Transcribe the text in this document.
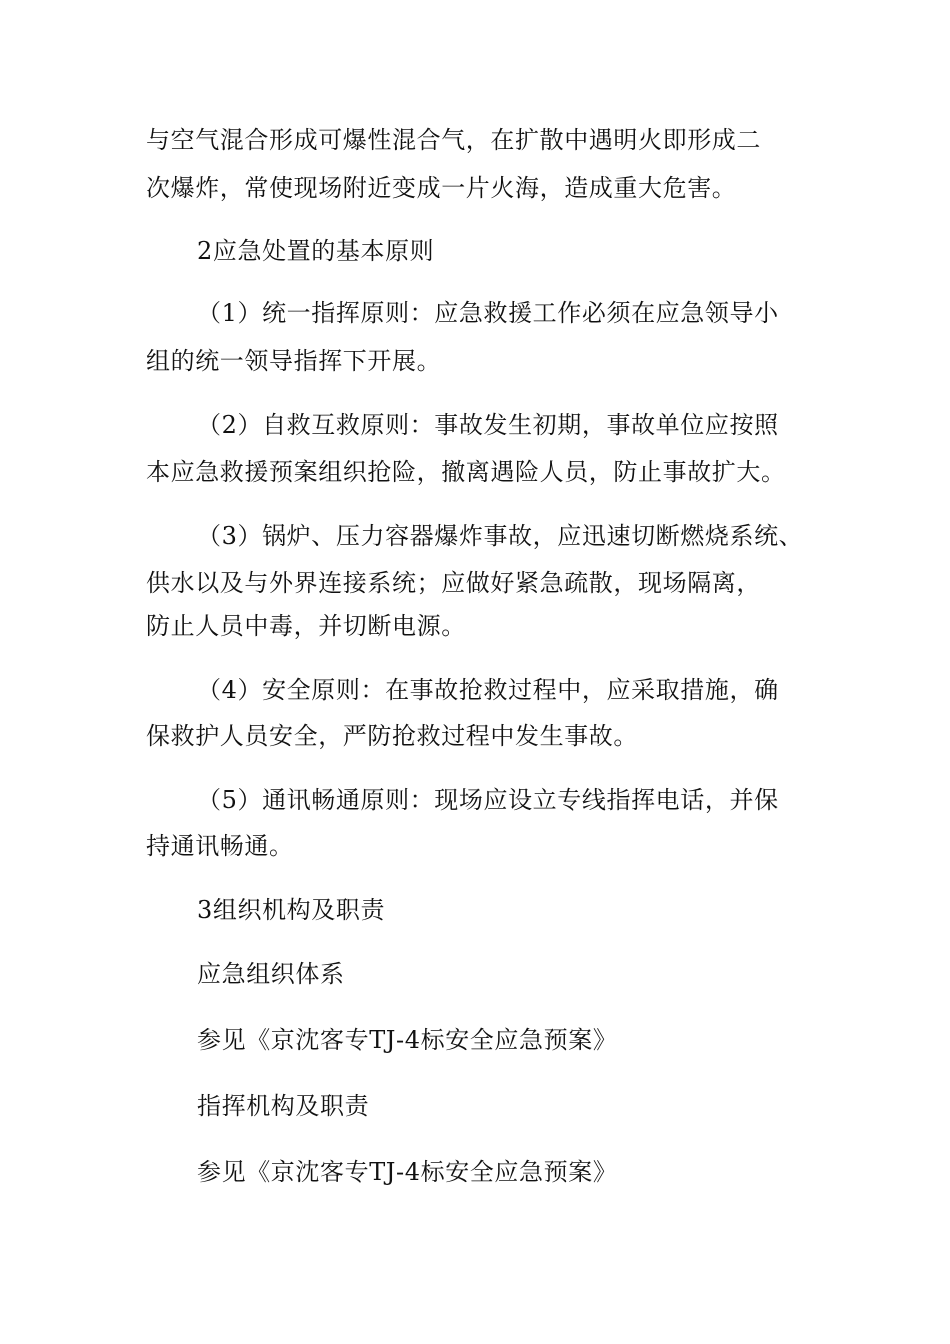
与空气混合形成可爆性混合气，在扩散中遇明火即形成二
次爆炸，常使现场附近变成一片火海，造成重大危害。
2应急处置的基本原则
（1）统一指挥原则：应急救援工作必须在应急领导小
组的统一领导指挥下开展。
（2）自救互救原则：事故发生初期，事故单位应按照
本应急救援预案组织抢险，撤离遇险人员，防止事故扩大。
（3）锅炉、压力容器爆炸事故，应迅速切断燃烧系统、
供水以及与外界连接系统；应做好紧急疏散，现场隔离，
防止人员中毒，并切断电源。
（4）安全原则：在事故抢救过程中，应采取措施，确
保救护人员安全，严防抢救过程中发生事故。
（5）通讯畅通原则：现场应设立专线指挥电话，并保
持通讯畅通。
3组织机构及职责
应急组织体系
参见《京沈客专TJ-4标安全应急预案》
指挥机构及职责
参见《京沈客专TJ-4标安全应急预案》
